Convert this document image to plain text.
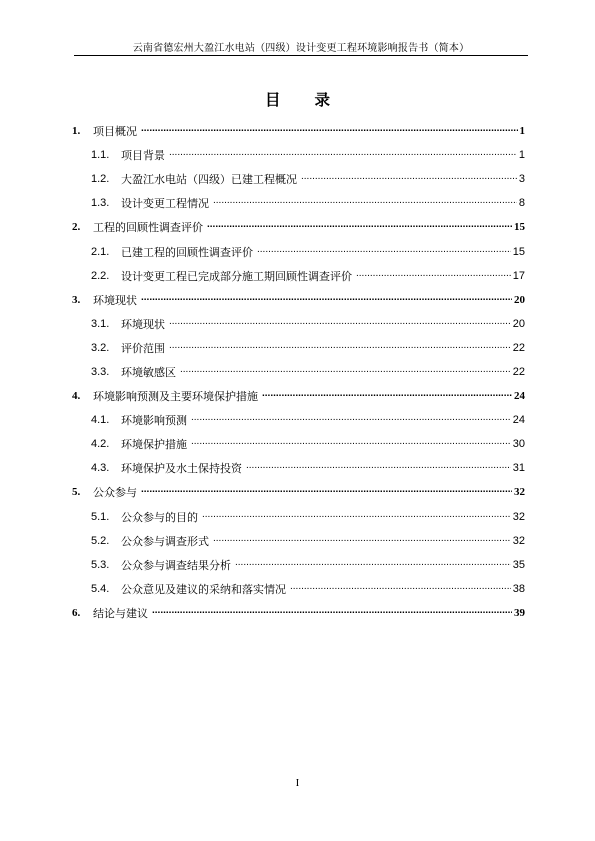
云南省德宏州大盈江水电站（四级）设计变更工程环境影响报告书（简本）
目 录
1.	项目概况 .....	1
1.1.	项目背景 .....	1
1.2.	大盈江水电站（四级）已建工程概况 .....	3
1.3.	设计变更工程情况 .....	8
2.	工程的回顾性调查评价 .....	15
2.1.	已建工程的回顾性调查评价 .....	15
2.2.	设计变更工程已完成部分施工期回顾性调查评价 .....	17
3.	环境现状 .....	20
3.1.	环境现状 .....	20
3.2.	评价范围 .....	22
3.3.	环境敏感区 .....	22
4.	环境影响预测及主要环境保护措施 .....	24
4.1.	环境影响预测 .....	24
4.2.	环境保护措施 .....	30
4.3.	环境保护及水土保持投资 .....	31
5.	公众参与 .....	32
5.1.	公众参与的目的 .....	32
5.2.	公众参与调查形式 .....	32
5.3.	公众参与调查结果分析 .....	35
5.4.	公众意见及建议的采纳和落实情况 .....	38
6.	结论与建议 .....	39
I
